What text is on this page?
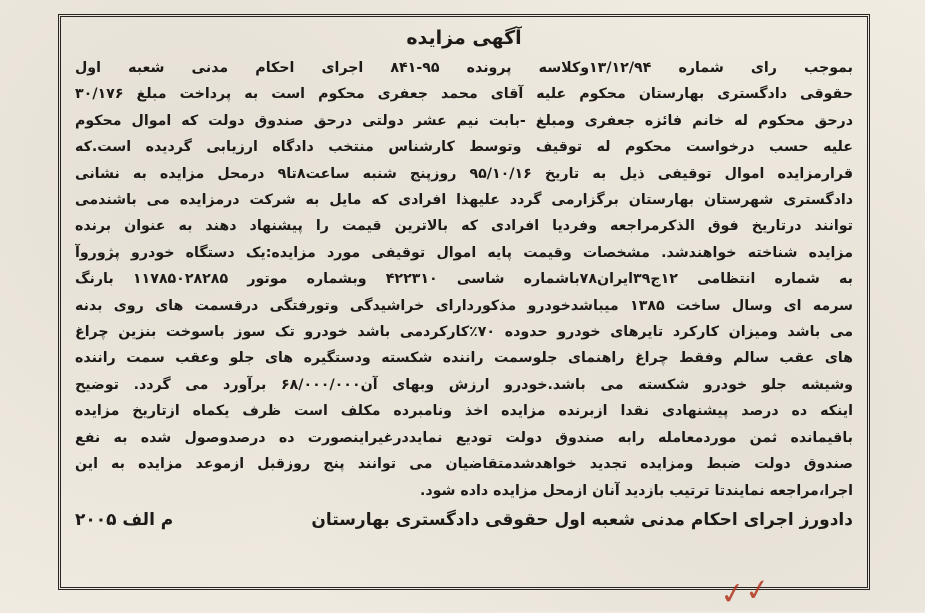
آگهی مزایده
بموجب رای شماره ۱۳/۱۲/۹۴وکلاسه پرونده ۹۵-۸۴۱ اجرای احکام مدنی شعبه اول
حقوقی دادگستری بهارستان محکوم علیه آقای محمد جعفری محکوم است به پرداخت مبلغ ۳۰/۱۷۶
درحق محکوم له خانم فائزه جعفری ومبلغ -بابت نیم عشر دولتی درحق صندوق دولت که اموال محکوم
علیه حسب درخواست محکوم له توقیف وتوسط کارشناس منتخب دادگاه ارزیابی گردیده است.که
قرارمزایده اموال توقیفی ذیل به تاریخ ۹۵/۱۰/۱۶ روزپنج شنبه ساعت۸تا۹ درمحل مزایده به نشانی
دادگستری شهرستان بهارستان برگزارمی گردد علیهذا افرادی که مایل به شرکت درمزایده می باشندمی
توانند درتاریخ فوق الذکرمراجعه وفردیا افرادی که بالاترین قیمت را پیشنهاد دهند به عنوان برنده
مزایده شناخته خواهندشد. مشخصات وقیمت پایه اموال توقیفی مورد مزایده:یک دستگاه خودرو پژوروآ
به شماره انتظامی ۱۲ج۳۹ایران۷۸باشماره شاسی ۴۲۲۳۱۰ وبشماره موتور ۱۱۷۸۵۰۲۸۲۸۵ بارنگ
سرمه ای وسال ساخت ۱۳۸۵ میباشدخودرو مذکوردارای خراشیدگی وتورفتگی درقسمت های روی بدنه
می باشد ومیزان کارکرد تایرهای خودرو حدوده ۷۰٪کارکردمی باشد خودرو تک سوز باسوخت بنزین چراغ
های عقب سالم وفقط چراغ راهنمای جلوسمت راننده شکسته ودستگیره های جلو وعقب سمت راننده
وشیشه جلو خودرو شکسته می باشد.خودرو ارزش وبهای آن۶۸/۰۰۰/۰۰۰ برآورد می گردد. توضیح
اینکه ده درصد پیشنهادی نقدا ازبرنده مزایده اخذ ونامبرده مکلف است ظرف یکماه ازتاریخ مزایده
باقیمانده ثمن موردمعامله رابه صندوق دولت تودیع نمایددرغیراینصورت ده درصدوصول شده به نفع
صندوق دولت ضبط ومزایده تجدید خواهدشدمتقاضیان می توانند پنج روزقبل ازموعد مزایده به این
اجرا،مراجعه نمایندتا ترتیب بازدید آنان ازمحل مزایده داده شود.
دادورز اجرای احکام مدنی شعبه اول حقوقی دادگستری بهارستان
م الف ۲۰۰۵
✓✓
